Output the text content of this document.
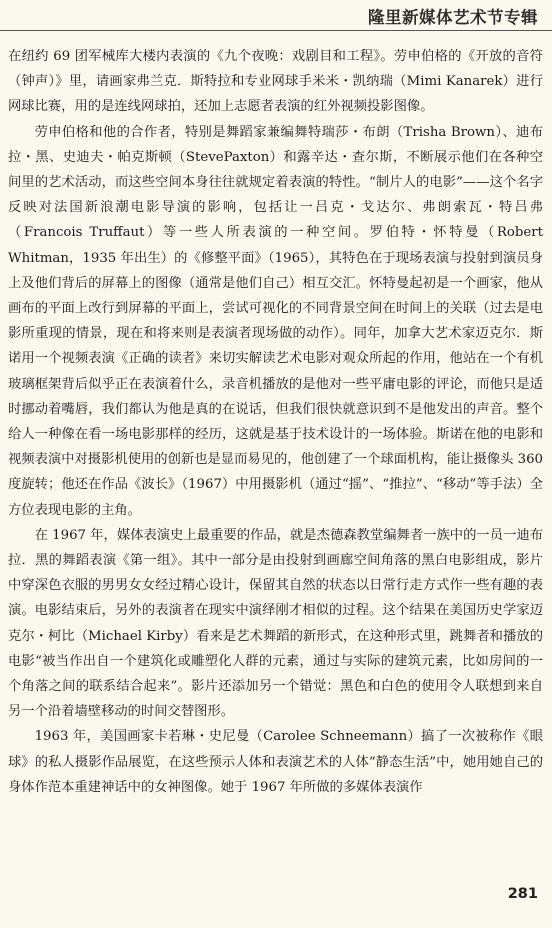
隆里新媒体艺术节专辑

在纽约 69 团军械库大楼内表演的《九个夜晚：戏剧目和工程》。劳申伯格的《开放的音符（钟声）》里，请画家弗兰克．斯特拉和专业网球手米米・凯纳瑞（Mimi Kanarek）进行网球比赛，用的是连线网球拍，还加上志愿者表演的红外视频投影图像。

劳申伯格和他的合作者，特别是舞蹈家兼编舞特瑞莎・布朗（Trisha Brown）、迪布拉・黑、史迪夫・帕克斯顿（StevePaxton）和露辛达・查尔斯，不断展示他们在各种空间里的艺术活动，而这些空间本身往往就规定着表演的特性。“制片人的电影”——这个名字反映对法国新浪潮电影导演的影响，包括让一吕克・戈达尔、弗朗索瓦・特吕弗（Francois Truffaut）等一些人所表演的一种空间。罗伯特・怀特曼（Robert Whitman，1935 年出生）的《修整平面》（1965），其特色在于现场表演与投射到演员身上及他们背后的屏幕上的图像（通常是他们自己）相互交汇。怀特曼起初是一个画家，他从画布的平面上改行到屏幕的平面上，尝试可视化的不同背景空间在时间上的关联（过去是电影所重现的情景，现在和将来则是表演者现场做的动作）。同年，加拿大艺术家迈克尔．斯诺用一个视频表演《正确的读者》来切实解读艺术电影对观众所起的作用，他站在一个有机玻璃框架背后似乎正在表演着什么，录音机播放的是他对一些平庸电影的评论，而他只是适时挪动着嘴唇，我们都认为他是真的在说话，但我们很快就意识到不是他发出的声音。整个给人一种像在看一场电影那样的经历，这就是基于技术设计的一场体验。斯诺在他的电影和视频表演中对摄影机使用的创新也是显而易见的，他创建了一个球面机构，能让摄像头 360 度旋转；他还在作品《波长》（1967）中用摄影机（通过“摇”、“推拉”、“移动”等手法）全方位表现电影的主角。

在 1967 年，媒体表演史上最重要的作品，就是杰德森教堂编舞者一族中的一员一迪布拉．黑的舞蹈表演《第一组》。其中一部分是由投射到画廊空间角落的黑白电影组成，影片中穿深色衣服的男男女女经过精心设计，保留其自然的状态以日常行走方式作一些有趣的表演。电影结束后，另外的表演者在现实中演绎刚才相似的过程。这个结果在美国历史学家迈克尔・柯比（Michael Kirby）看来是艺术舞蹈的新形式，在这种形式里，跳舞者和播放的电影“被当作出自一个建筑化或雕塑化人群的元素，通过与实际的建筑元素，比如房间的一个角落之间的联系结合起来”。影片还添加另一个错觉：黑色和白色的使用令人联想到来自另一个沿着墙壁移动的时间交替图形。

1963 年，美国画家卡若琳・史尼曼（Carolee Schneemann）搞了一次被称作《眼球》的私人摄影作品展览，在这些预示人体和表演艺术的人体“静态生活”中，她用她自己的身体作范本重建神话中的女神图像。她于 1967 年所做的多媒体表演作

281
